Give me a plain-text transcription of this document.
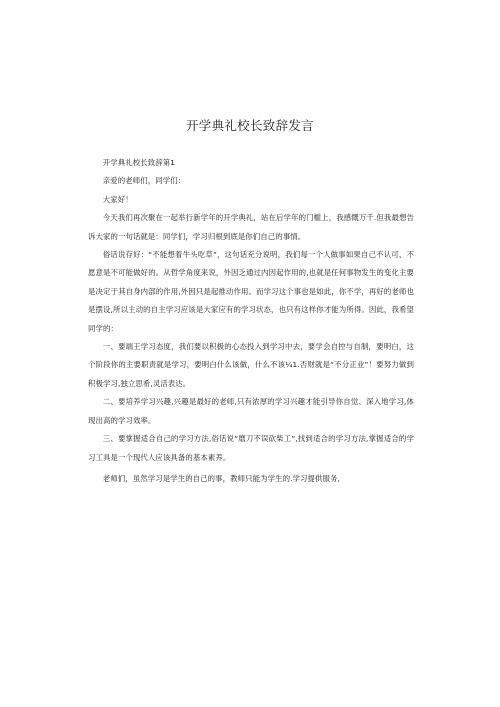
开学典礼校长致辞发言

开学典礼校长致辞第1

亲爱的老师们，同学们：

大家好！

今天我们再次聚在一起举行新学年的开学典礼，站在后学年的门槛上，我感慨万千.但我最想告诉大家的一句话就是：同学们，学习归根到底是你们自己的事情。

俗话说存好：“不能想着牛头吃草”，这句话充分说明，我们每一个人做事如果自己不认可、不愿意是不可能做好的。从哲学角度来说，外因乏通过内因起作用的,也就是任何事物发生的变化主要是决定于其自身内部的作用,外因只是起推动作用。而学习这个事也是如此，你不学，再好的老师也是摆设,所以主动的自主学习应该是大家应有的学习状态，也只有这样你才能为所得。因此，我希望同学的：

一、要端王学习态度，我们要以积极的心态投入到学习中去，要学会自控与自制，要明白，这个阶段你的主要职责就是学习，要明白什么该做，什么不该¼1.否财就是“不分正业”！要努力做到积极学习,独立思希,灵活表达。

二、要培养学习兴趣,兴趣是最好的老师,只有浓厚的学习兴趣才能引导你自觉、深入地学习,体现出高的学习效率。

三、要掌握适合自己的学习方法,俗话说“磨刀不误砍柴工”,找到适合的学习方法,掌握适合的学习工具是一个现代人应该具备的基本素养。

老师们，虽然学习是学生的自己的事，教师只能为学生的.学习提供服务,
